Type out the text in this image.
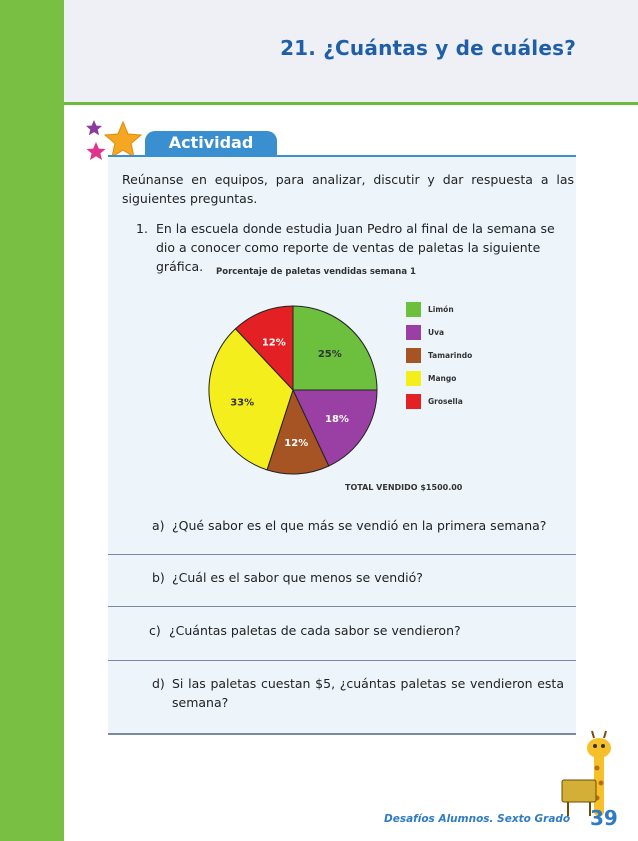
21. ¿Cuántas y de cuáles?
Actividad

Reúnanse en equipos, para analizar, discutir y dar respuesta a las siguientes preguntas.

1. En la escuela donde estudia Juan Pedro al final de la semana se dio a conocer como reporte de ventas de paletas la siguiente gráfica.	Porcentaje de paletas vendidas semana 1

25%
18%
12%
33%
12%
Limón
Uva
Tamarindo
Mango
Grosella

TOTAL VENDIDO $1500.00

a) ¿Qué sabor es el que más se vendió en la primera semana?
b) ¿Cuál es el sabor que menos se vendió?
c) ¿Cuántas paletas de cada sabor se vendieron?
d) Si las paletas cuestan $5, ¿cuántas paletas se vendieron esta semana?

Desafíos Alumnos. Sexto Grado 39
